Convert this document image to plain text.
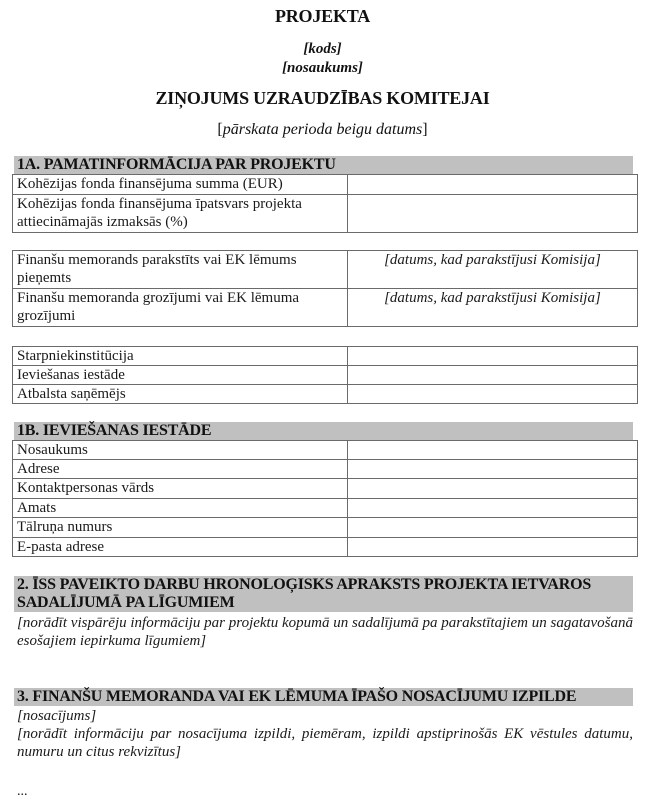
PROJEKTA
[kods]
[nosaukums]
ZIŅOJUMS UZRAUDZĪBAS KOMITEJAI
[pārskata perioda beigu datums]
1A. PAMATINFORMĀCIJA PAR PROJEKTU
Kohēzijas fonda finansējuma summa (EUR)	
Kohēzijas fonda finansējuma īpatsvars projekta attiecināmajās izmaksās (%)	
Finanšu memorands parakstīts vai EK lēmums pieņemts	[datums, kad parakstījusi Komisija]
Finanšu memoranda grozījumi vai EK lēmuma grozījumi	[datums, kad parakstījusi Komisija]
Starpniekinstitūcija	
Ieviešanas iestāde	
Atbalsta saņēmējs	
1B. IEVIEŠANAS IESTĀDE
Nosaukums	
Adrese	
Kontaktpersonas vārds	
Amats	
Tālruņa numurs	
E-pasta adrese	
2. ĪSS PAVEIKTO DARBU HRONOLOĢISKS APRAKSTS PROJEKTA IETVAROS SADALĪJUMĀ PA LĪGUMIEM
[norādīt vispārēju informāciju par projektu kopumā un sadalījumā pa parakstītajiem un sagatavošanā esošajiem iepirkuma līgumiem]
3. FINANŠU MEMORANDA VAI EK LĒMUMA ĪPAŠO NOSACĪJUMU IZPILDE
[nosacījums]
[norādīt informāciju par nosacījuma izpildi, piemēram, izpildi apstiprinošās EK vēstules datumu, numuru un citus rekvizītus]
...
